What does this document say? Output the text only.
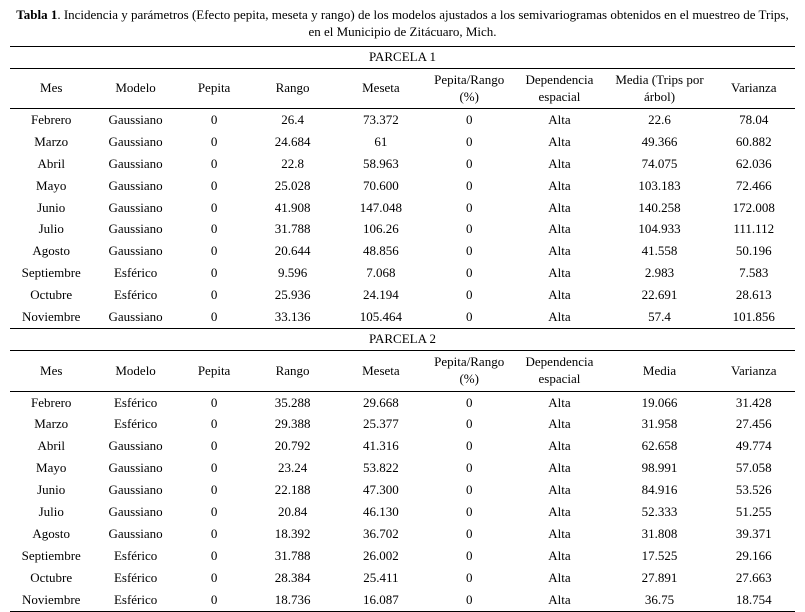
Tabla 1. Incidencia y parámetros (Efecto pepita, meseta y rango) de los modelos ajustados a los semivariogramas obtenidos en el muestreo de Trips, en el Municipio de Zitácuaro, Mich.
PARCELA 1								
Mes	Modelo	Pepita	Rango	Meseta	Pepita/Rango (%)	Dependencia espacial	Media (Trips por árbol)	Varianza
Febrero	Gaussiano	0	26.4	73.372	0	Alta	22.6	78.04
Marzo	Gaussiano	0	24.684	61	0	Alta	49.366	60.882
Abril	Gaussiano	0	22.8	58.963	0	Alta	74.075	62.036
Mayo	Gaussiano	0	25.028	70.600	0	Alta	103.183	72.466
Junio	Gaussiano	0	41.908	147.048	0	Alta	140.258	172.008
Julio	Gaussiano	0	31.788	106.26	0	Alta	104.933	111.112
Agosto	Gaussiano	0	20.644	48.856	0	Alta	41.558	50.196
Septiembre	Esférico	0	9.596	7.068	0	Alta	2.983	7.583
Octubre	Esférico	0	25.936	24.194	0	Alta	22.691	28.613
Noviembre	Gaussiano	0	33.136	105.464	0	Alta	57.4	101.856
PARCELA 2								
Mes	Modelo	Pepita	Rango	Meseta	Pepita/Rango (%)	Dependencia espacial	Media	Varianza
Febrero	Esférico	0	35.288	29.668	0	Alta	19.066	31.428
Marzo	Esférico	0	29.388	25.377	0	Alta	31.958	27.456
Abril	Gaussiano	0	20.792	41.316	0	Alta	62.658	49.774
Mayo	Gaussiano	0	23.24	53.822	0	Alta	98.991	57.058
Junio	Gaussiano	0	22.188	47.300	0	Alta	84.916	53.526
Julio	Gaussiano	0	20.84	46.130	0	Alta	52.333	51.255
Agosto	Gaussiano	0	18.392	36.702	0	Alta	31.808	39.371
Septiembre	Esférico	0	31.788	26.002	0	Alta	17.525	29.166
Octubre	Esférico	0	28.384	25.411	0	Alta	27.891	27.663
Noviembre	Esférico	0	18.736	16.087	0	Alta	36.75	18.754
